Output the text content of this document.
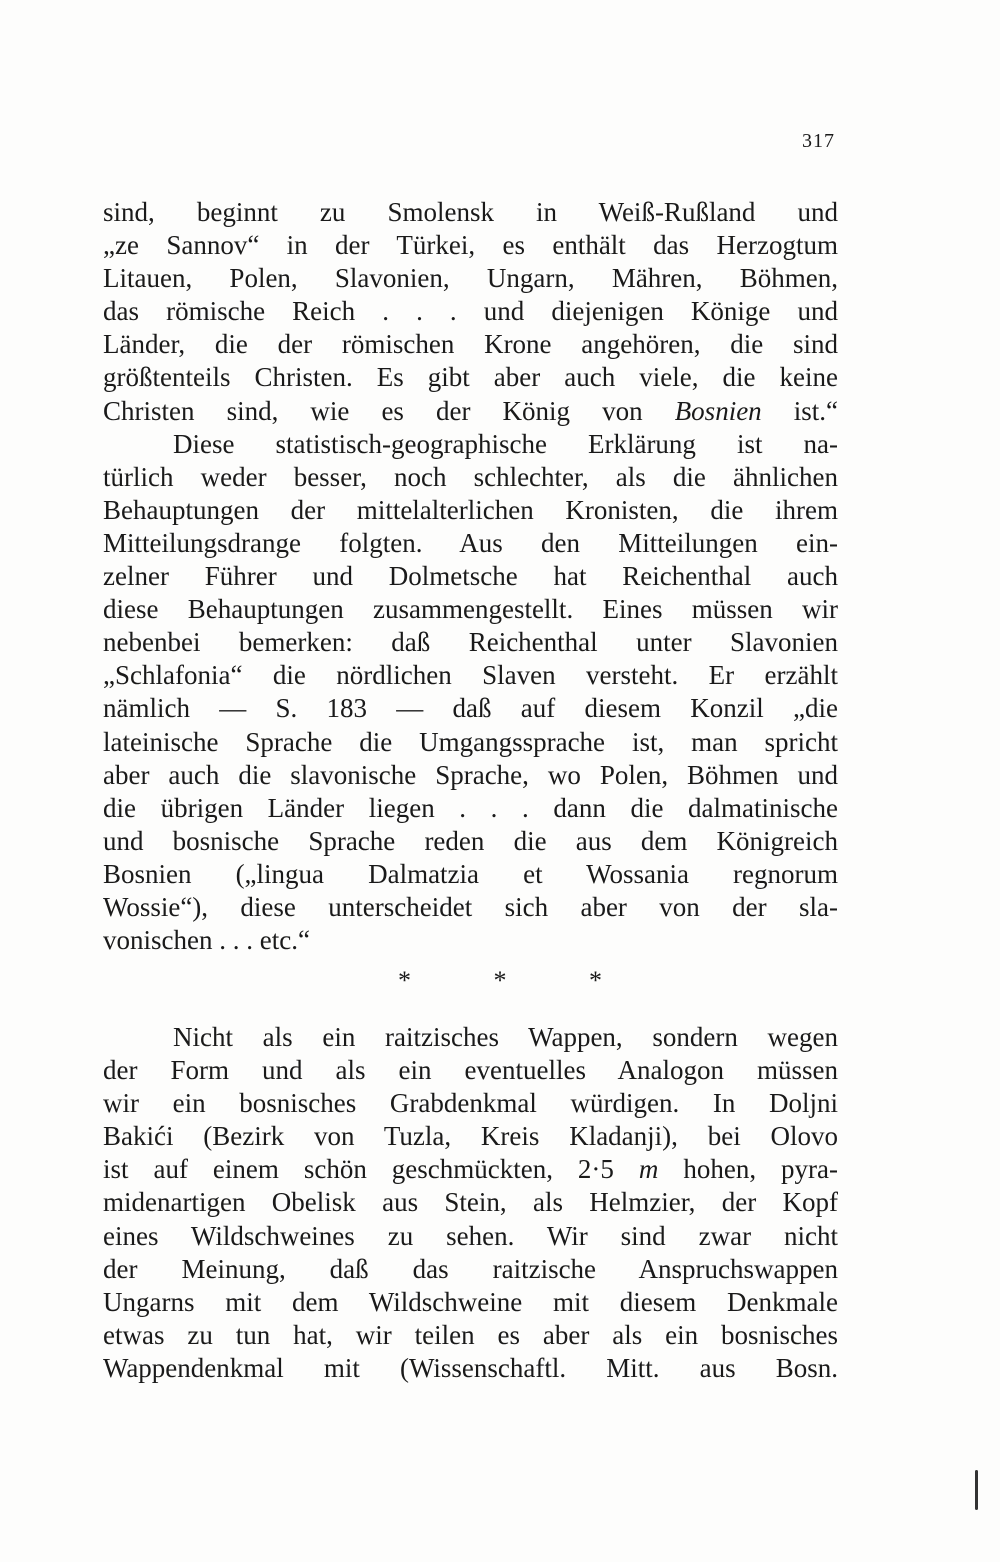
317
sind, beginnt zu Smolensk in Weiß-Rußland und
„ze Sannov“ in der Türkei, es enthält das Herzogtum
Litauen, Polen, Slavonien, Ungarn, Mähren, Böhmen,
das römische Reich . . . und diejenigen Könige und
Länder, die der römischen Krone angehören, die sind
größtenteils Christen. Es gibt aber auch viele, die keine
Christen sind, wie es der König von Bosnien ist.“
Diese statistisch-geographische Erklärung ist na-
türlich weder besser, noch schlechter, als die ähnlichen
Behauptungen der mittelalterlichen Kronisten, die ihrem
Mitteilungsdrange folgten. Aus den Mitteilungen ein-
zelner Führer und Dolmetsche hat Reichenthal auch
diese Behauptungen zusammengestellt. Eines müssen wir
nebenbei bemerken: daß Reichenthal unter Slavonien
„Schlafonia“ die nördlichen Slaven versteht. Er erzählt
nämlich — S. 183 — daß auf diesem Konzil „die
lateinische Sprache die Umgangssprache ist, man spricht
aber auch die slavonische Sprache, wo Polen, Böhmen und
die übrigen Länder liegen . . . dann die dalmatinische
und bosnische Sprache reden die aus dem Königreich
Bosnien („lingua Dalmatzia et Wossania regnorum
Wossie“), diese unterscheidet sich aber von der sla-
vonischen . . . etc.“
* * *
Nicht als ein raitzisches Wappen, sondern wegen
der Form und als ein eventuelles Analogon müssen
wir ein bosnisches Grabdenkmal würdigen. In Doljni
Bakići (Bezirk von Tuzla, Kreis Kladanji), bei Olovo
ist auf einem schön geschmückten, 2·5 m hohen, pyra-
midenartigen Obelisk aus Stein, als Helmzier, der Kopf
eines Wildschweines zu sehen. Wir sind zwar nicht
der Meinung, daß das raitzische Anspruchswappen
Ungarns mit dem Wildschweine mit diesem Denkmale
etwas zu tun hat, wir teilen es aber als ein bosnisches
Wappendenkmal mit (Wissenschaftl. Mitt. aus Bosn.
